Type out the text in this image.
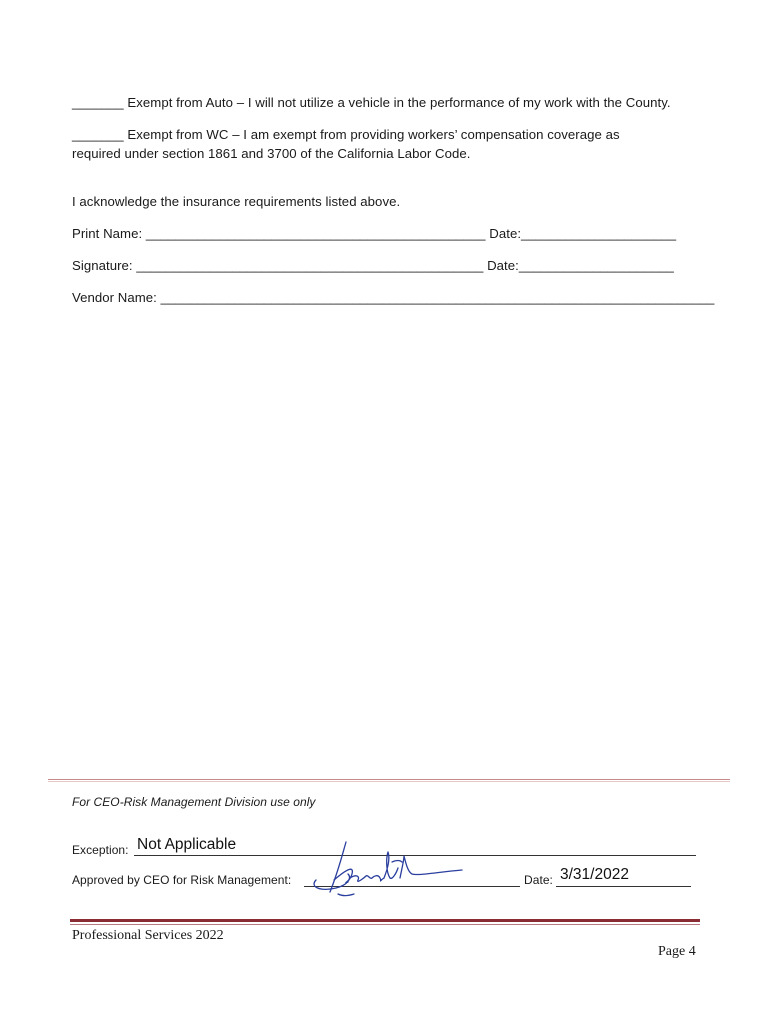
_______ Exempt from Auto – I will not utilize a vehicle in the performance of my work with the County.
_______ Exempt from WC – I am exempt from providing workers’ compensation coverage as
required under section 1861 and 3700 of the California Labor Code.
I acknowledge the insurance requirements listed above.
Print Name: ______________________________________________ Date:_____________________
Signature: _______________________________________________ Date:_____________________
Vendor Name: ___________________________________________________________________________
For CEO-Risk Management Division use only
Exception: Not Applicable
Approved by CEO for Risk Management:	Date: 3/31/2022
Professional Services 2022
Page 4
